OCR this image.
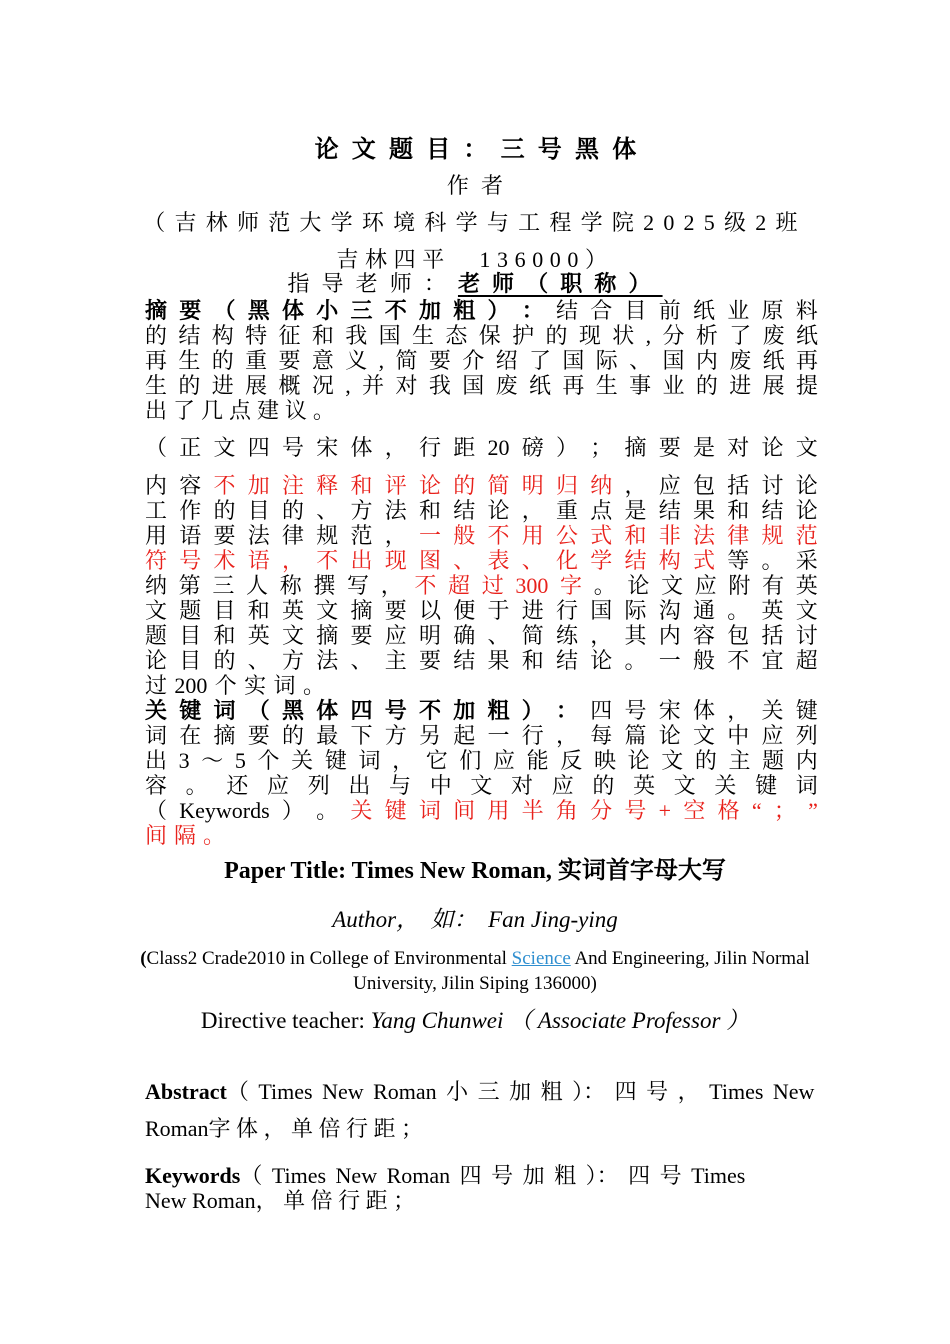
论文题目：三号黑体
作者
（吉林师范大学环境科学与工程学院2025级2班
吉林四平　136000）
指导老师：老师（职称）
摘 要 （ 黑 体 小 三 不 加 粗 ） ： 结 合 目 前 纸 业 原 料
的 结 构 特 征 和 我 国 生 态 保 护 的 现 状 , 分 析 了 废 纸
再 生 的 重 要 意 义 , 简 要 介 绍 了 国 际 、 国 内 废 纸 再
生 的 进 展 概 况 , 并 对 我 国 废 纸 再 生 事 业 的 进 展 提
出 了 几 点 建 议 。
（ 正 文 四 号 宋 体 ， 行 距 20 磅 ） ； 摘 要 是 对 论 文
内 容 不 加 注 释 和 评 论 的 简 明 归 纳 ， 应 包 括 讨 论
工 作 的 目 的 、 方 法 和 结 论 ， 重 点 是 结 果 和 结 论
用 语 要 法 律 规 范 ， 一 般 不 用 公 式 和 非 法 律 规 范
符 号 术 语 ， 不 出 现 图 、 表 、 化 学 结 构 式 等 。 采
纳 第 三 人 称 撰 写 ， 不 超 过 300 字 。 论 文 应 附 有 英
文 题 目 和 英 文 摘 要 以 便 于 进 行 国 际 沟 通 。 英 文
题 目 和 英 文 摘 要 应 明 确 、 简 练 ， 其 内 容 包 括 讨
论 目 的 、 方 法 、 主 要 结 果 和 结 论 。 一 般 不 宜 超
过 200 个 实 词 。
关 键 词 （ 黑 体 四 号 不 加 粗 ） ： 四 号 宋 体 ， 关 键
词 在 摘 要 的 最 下 方 另 起 一 行 ， 每 篇 论 文 中 应 列
出 3 ～ 5 个 关 键 词 ， 它 们 应 能 反 映 论 文 的 主 题 内
容 。 还 应 列 出 与 中 文 对 应 的 英 文 关 键 词
（ Keywords ） 。 关 键 词 间 用 半 角 分 号 + 空 格 “ ； ”
间 隔 。
Paper Title: Times New Roman, 实词首字母大写
Author，　如：　Fan Jing-ying
(Class2 Crade2010 in College of Environmental Science And Engineering, Jilin Normal
University, Jilin Siping 136000)
Directive teacher: Yang Chunwei （ Associate Professor ）
Abstract（ Times New Roman 小 三 加 粗 ）： 四 号 ， Times New
Roman字 体 ， 单 倍 行 距 ；
Keywords（ Times New Roman 四 号 加 粗 ）： 四 号 Times
New Roman， 单 倍 行 距 ；
